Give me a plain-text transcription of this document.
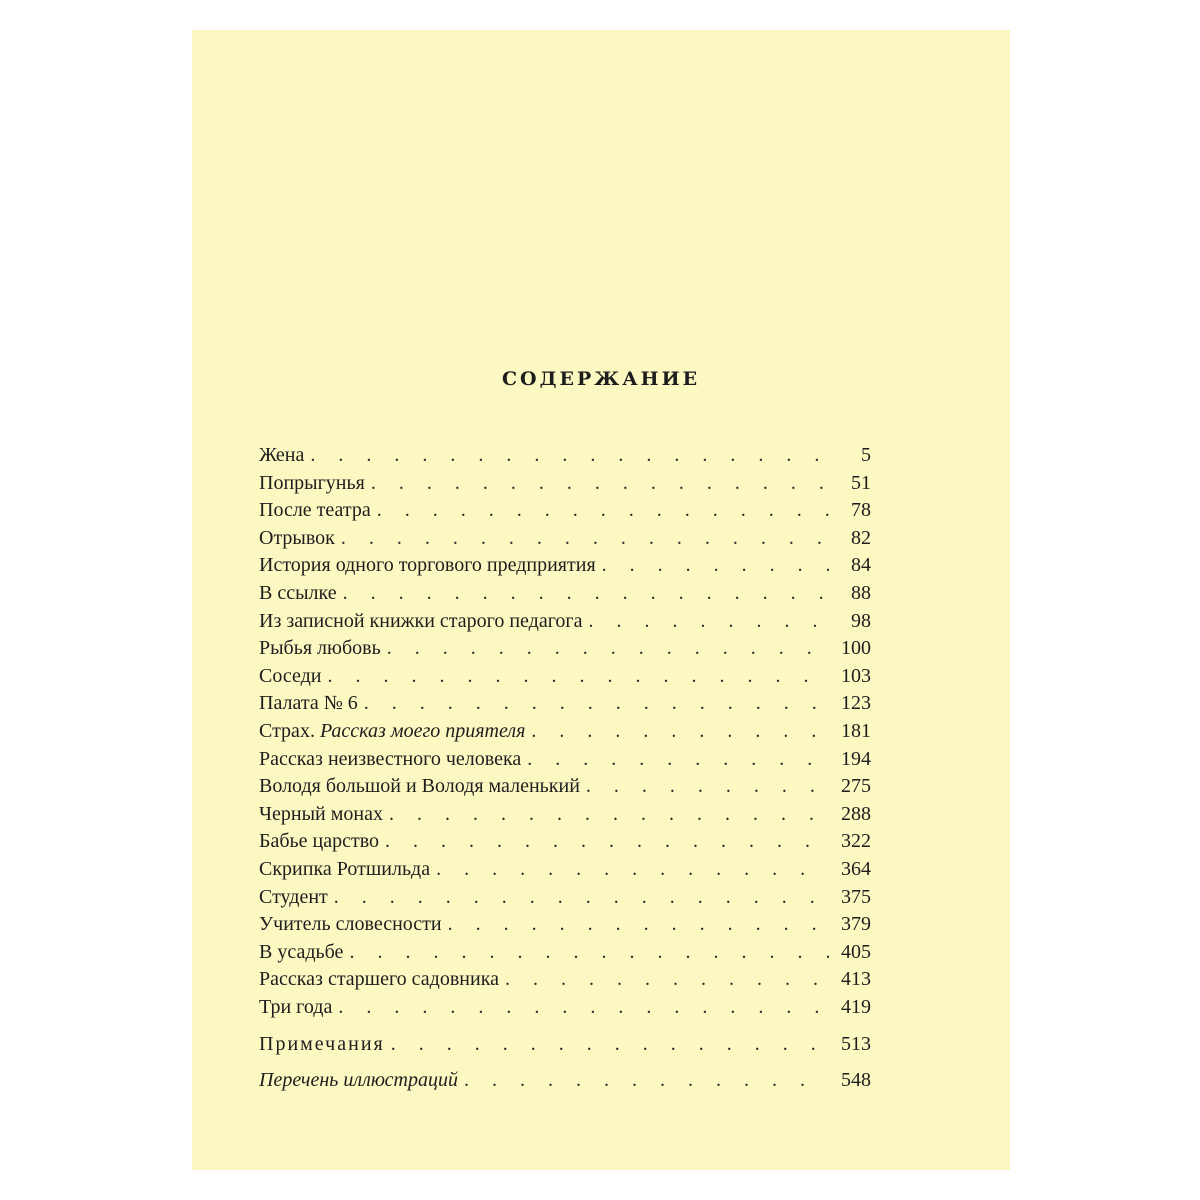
СОДЕРЖАНИЕ
Жена . . .	5
Попрыгунья . . .	51
После театра . . .	78
Отрывок . . .	82
История одного торгового предприятия . . .	84
В ссылке . . .	88
Из записной книжки старого педагога . . .	98
Рыбья любовь . . .	100
Соседи . . .	103
Палата № 6 . . .	123
Страх. Рассказ моего приятеля . . .	181
Рассказ неизвестного человека . . .	194
Володя большой и Володя маленький . . .	275
Черный монах . . .	288
Бабье царство . . .	322
Скрипка Ротшильда . . .	364
Студент . . .	375
Учитель словесности . . .	379
В усадьбе . . .	405
Рассказ старшего садовника . . .	413
Три года . . .	419
Примечания . . .	513
Перечень иллюстраций . . .	548
